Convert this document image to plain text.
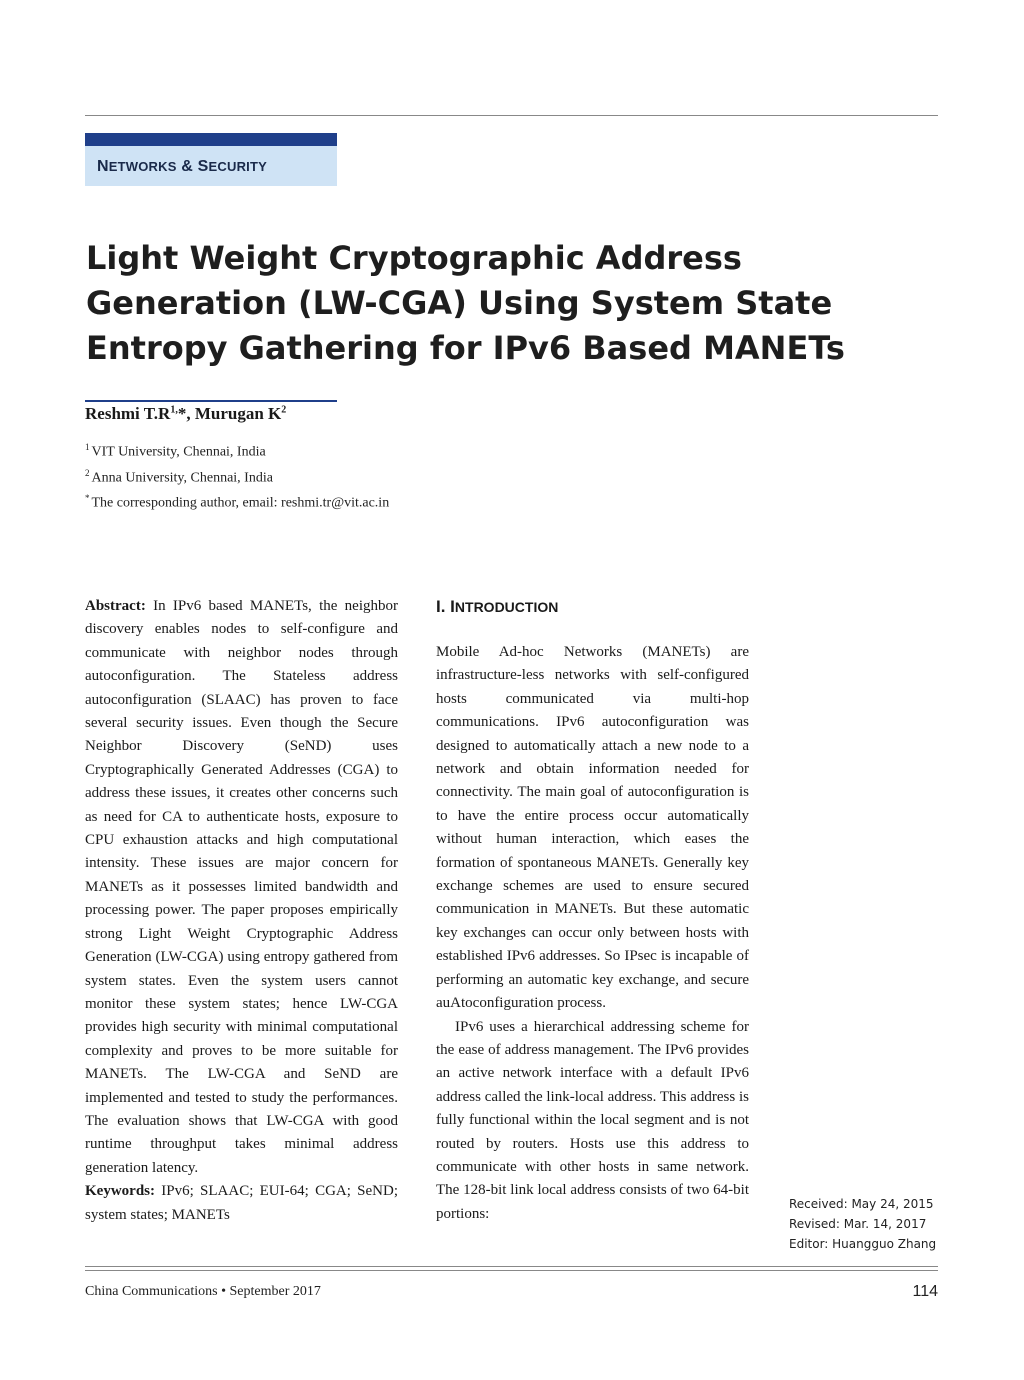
NETWORKS & SECURITY
Light Weight Cryptographic Address Generation (LW-CGA) Using System State Entropy Gathering for IPv6 Based MANETs
Reshmi $T.R^{1,}*$, Murugan $K^2$
$^1$ VIT University, Chennai, India
$^2$ Anna University, Chennai, India
* The corresponding author, email: reshmi.tr@vit.ac.in

Abstract: In IPv6 based MANETs, the neighbor discovery enables nodes to self-configure and communicate with neighbor nodes through autoconfiguration. The Stateless address autoconfiguration (SLAAC) has proven to face several security issues. Even though the Secure Neighbor Discovery (SeND) uses Cryptographically Generated Addresses (CGA) to address these issues, it creates other concerns such as need for CA to authenticate hosts, exposure to CPU exhaustion attacks and high computational intensity. These issues are major concern for MANETs as it possesses limited bandwidth and processing power. The paper proposes empirically strong Light Weight Cryptographic Address Generation (LW-CGA) using entropy gathered from system states. Even the system users cannot monitor these system states; hence LW-CGA provides high security with minimal computational complexity and proves to be more suitable for MANETs. The LW-CGA and SeND are implemented and tested to study the performances. The evaluation shows that LW-CGA with good runtime throughput takes minimal address generation latency.

Keywords: IPv6; SLAAC; EUI-64; CGA; SeND; system states; MANETs

I. INTRODUCTION

Mobile Ad-hoc Networks (MANETs) are infrastructure-less networks with self-configured hosts communicated via multi-hop communications. IPv6 autoconfiguration was designed to automatically attach a new node to a network and obtain information needed for connectivity. The main goal of autoconfiguration is to have the entire process occur automatically without human interaction, which eases the formation of spontaneous MANETs. Generally key exchange schemes are used to ensure secured communication in MANETs. But these automatic key exchanges can occur only between hosts with established IPv6 addresses. So IPsec is incapable of performing an automatic key exchange, and secure auAtoconfiguration process.

IPv6 uses a hierarchical addressing scheme for the ease of address management. The IPv6 provides an active network interface with a default IPv6 address called the link-local address. This address is fully functional within the local segment and is not routed by routers. Hosts use this address to communicate with other hosts in same network. The 128-bit link local address consists of two 64-bit portions:

Received: May 24, 2015
Revised: Mar. 14, 2017
Editor: Huangguo Zhang
China Communications • September 2017	114
